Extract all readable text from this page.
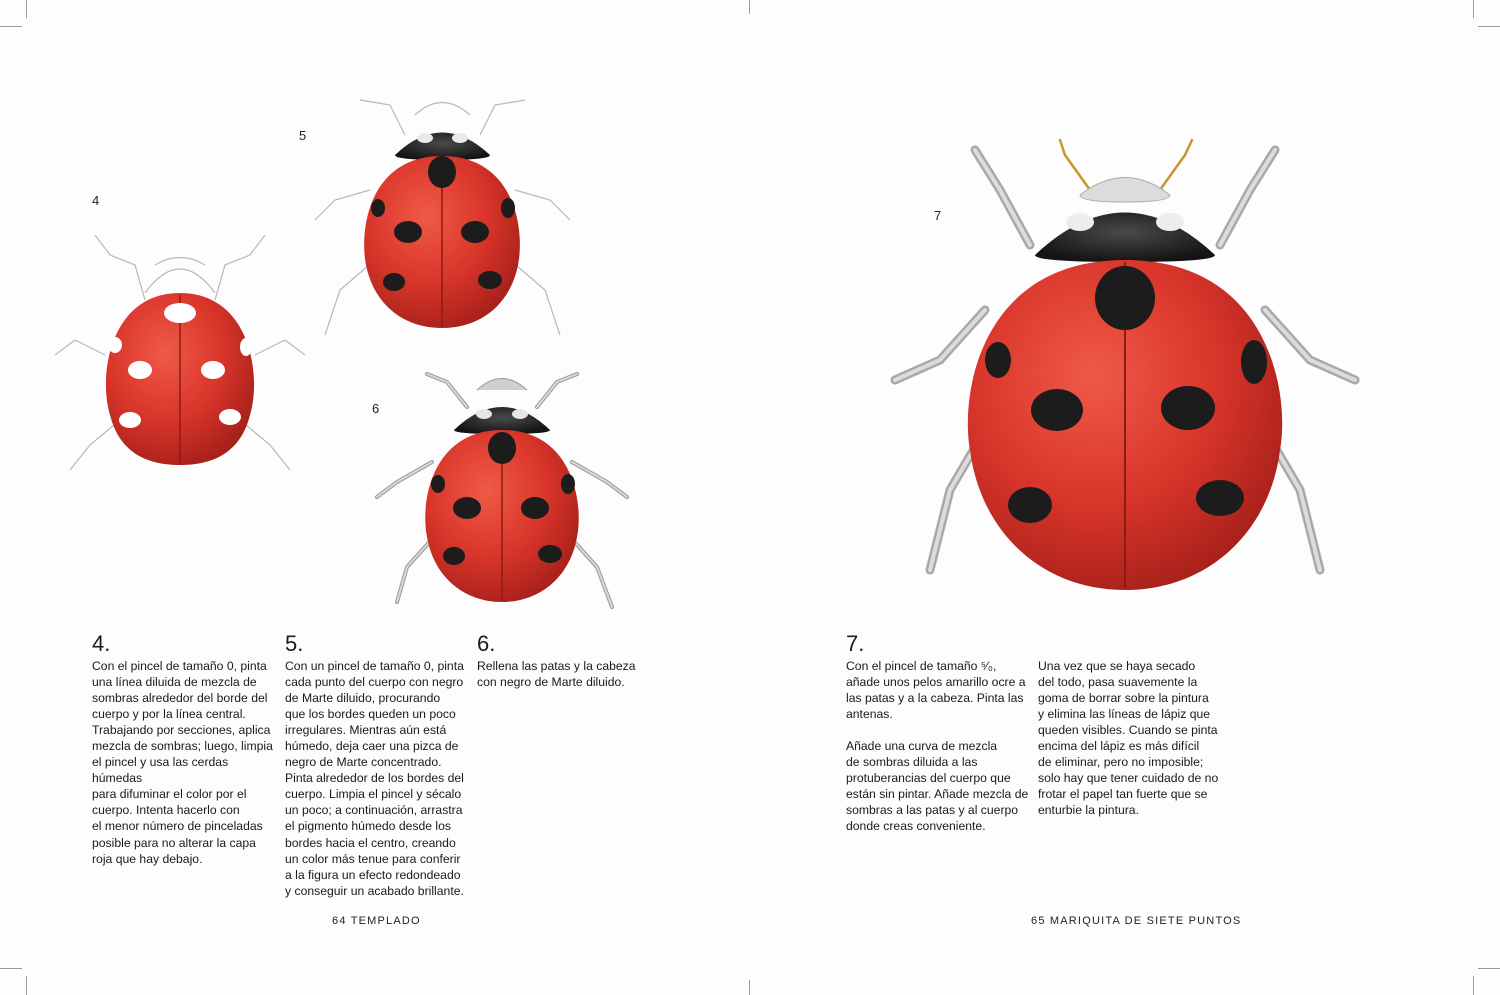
4
5
6

4.

Con el pincel de tamaño 0, pinta
una línea diluida de mezcla de
sombras alrededor del borde del
cuerpo y por la línea central.
Trabajando por secciones, aplica
mezcla de sombras; luego, limpia
el pincel y usa las cerdas húmedas
para difuminar el color por el
cuerpo. Intenta hacerlo con
el menor número de pinceladas
posible para no alterar la capa
roja que hay debajo.

5.

Con un pincel de tamaño 0, pinta
cada punto del cuerpo con negro
de Marte diluido, procurando
que los bordes queden un poco
irregulares. Mientras aún está
húmedo, deja caer una pizca de
negro de Marte concentrado.
Pinta alrededor de los bordes del
cuerpo. Limpia el pincel y sécalo
un poco; a continuación, arrastra
el pigmento húmedo desde los
bordes hacia el centro, creando
un color más tenue para conferir
a la figura un efecto redondeado
y conseguir un acabado brillante.

6.

Rellena las patas y la cabeza
con negro de Marte diluido.

64 TEMPLADO
7

7.

Con el pincel de tamaño ⁵⁄₀,
añade unos pelos amarillo ocre a
las patas y a la cabeza. Pinta las
antenas.

Añade una curva de mezcla
de sombras diluida a las
protuberancias del cuerpo que
están sin pintar. Añade mezcla de
sombras a las patas y al cuerpo
donde creas conveniente.

Una vez que se haya secado
del todo, pasa suavemente la
goma de borrar sobre la pintura
y elimina las líneas de lápiz que
queden visibles. Cuando se pinta
encima del lápiz es más difícil
de eliminar, pero no imposible;
solo hay que tener cuidado de no
frotar el papel tan fuerte que se
enturbie la pintura.

65 MARIQUITA DE SIETE PUNTOS
